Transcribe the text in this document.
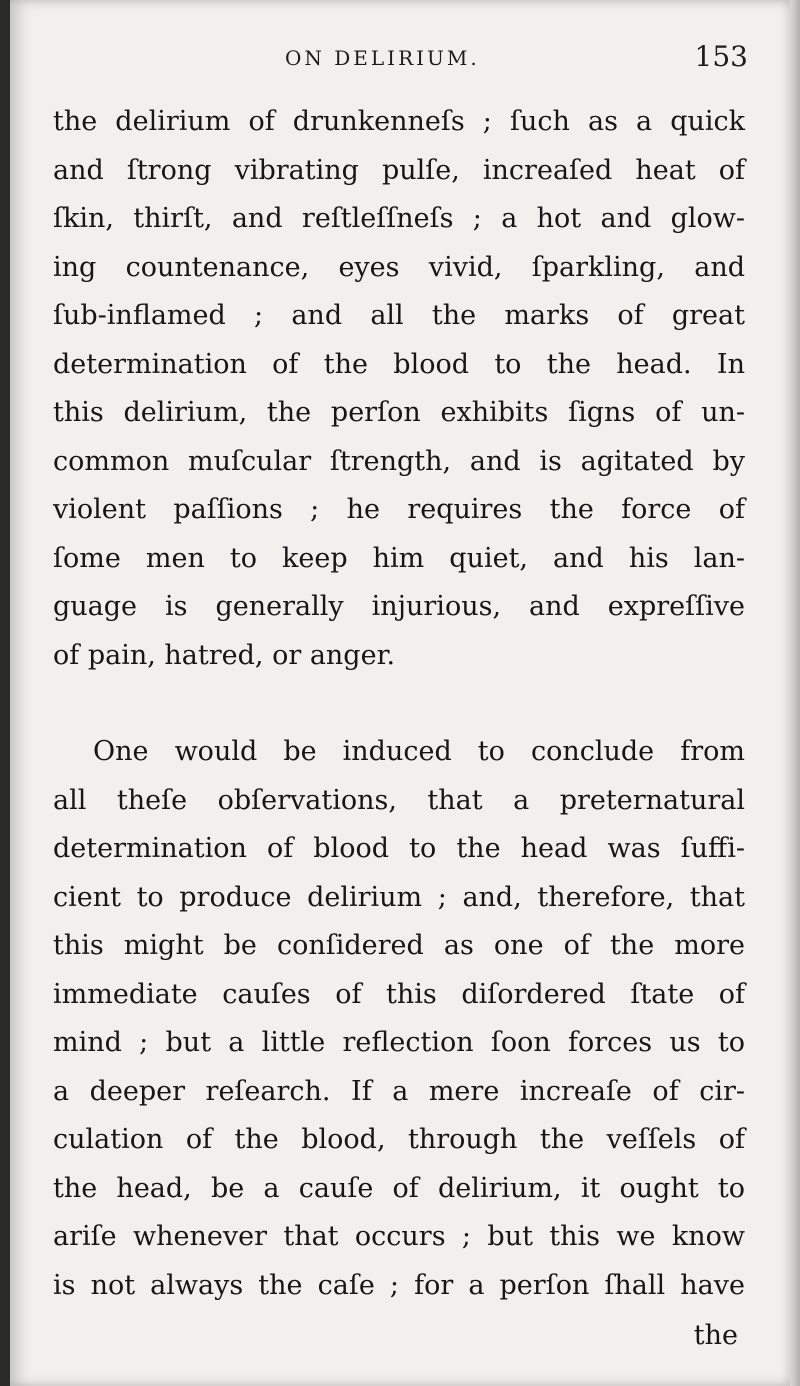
ON DELIRIUM.	153
the delirium of drunkenneſs ; ſuch as a quick
and ſtrong vibrating pulſe, increaſed heat of
ſkin, thirſt, and reſtleſſneſs ; a hot and glow-
ing countenance, eyes vivid, ſparkling, and
ſub-inflamed ; and all the marks of great
determination of the blood to the head. In
this delirium, the perſon exhibits ſigns of un-
common muſcular ſtrength, and is agitated by
violent paſſions ; he requires the force of
ſome men to keep him quiet, and his lan-
guage is generally injurious, and expreſſive
of pain, hatred, or anger.
One would be induced to conclude from
all theſe obſervations, that a preternatural
determination of blood to the head was ſuffi-
cient to produce delirium ; and, therefore, that
this might be conſidered as one of the more
immediate cauſes of this diſordered ſtate of
mind ; but a little reflection ſoon forces us to
a deeper reſearch. If a mere increaſe of cir-
culation of the blood, through the veſſels of
the head, be a cauſe of delirium, it ought to
ariſe whenever that occurs ; but this we know
is not always the caſe ; for a perſon ſhall have
the
